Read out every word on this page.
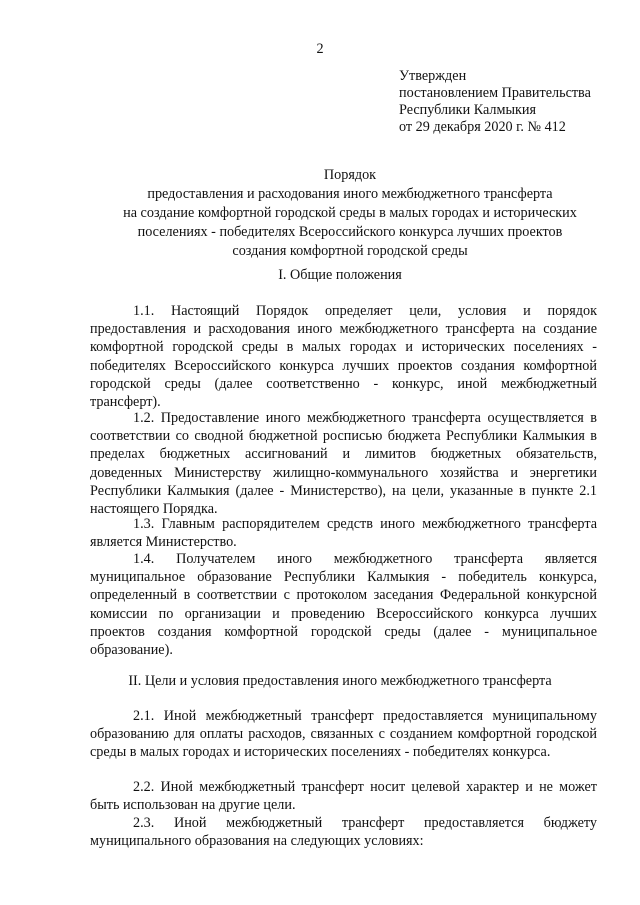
2
Утвержден
постановлением Правительства
Республики Калмыкия
от 29 декабря 2020 г. № 412
Порядок
предоставления и расходования иного межбюджетного трансферта
на создание комфортной городской среды в малых городах и исторических
поселениях - победителях Всероссийского конкурса лучших проектов
создания комфортной городской среды
I. Общие положения

1.1. Настоящий Порядок определяет цели, условия и порядок предоставления и расходования иного межбюджетного трансферта на создание комфортной городской среды в малых городах и исторических поселениях - победителях Всероссийского конкурса лучших проектов создания комфортной городской среды (далее соответственно - конкурс, иной межбюджетный трансферт).

1.2. Предоставление иного межбюджетного трансферта осуществляется в соответствии со сводной бюджетной росписью бюджета Республики Калмыкия в пределах бюджетных ассигнований и лимитов бюджетных обязательств, доведенных Министерству жилищно-коммунального хозяйства и энергетики Республики Калмыкия (далее - Министерство), на цели, указанные в пункте 2.1 настоящего Порядка.

1.3. Главным распорядителем средств иного межбюджетного трансферта является Министерство.

1.4. Получателем иного межбюджетного трансферта является муниципальное образование Республики Калмыкия - победитель конкурса, определенный в соответствии с протоколом заседания Федеральной конкурсной комиссии по организации и проведению Всероссийского конкурса лучших проектов создания комфортной городской среды (далее - муниципальное образование).

II. Цели и условия предоставления иного межбюджетного трансферта

2.1. Иной межбюджетный трансферт предоставляется муниципальному образованию для оплаты расходов, связанных с созданием комфортной городской среды в малых городах и исторических поселениях - победителях конкурса.

2.2. Иной межбюджетный трансферт носит целевой характер и не может быть использован на другие цели.

2.3. Иной межбюджетный трансферт предоставляется бюджету муниципального образования на следующих условиях:
